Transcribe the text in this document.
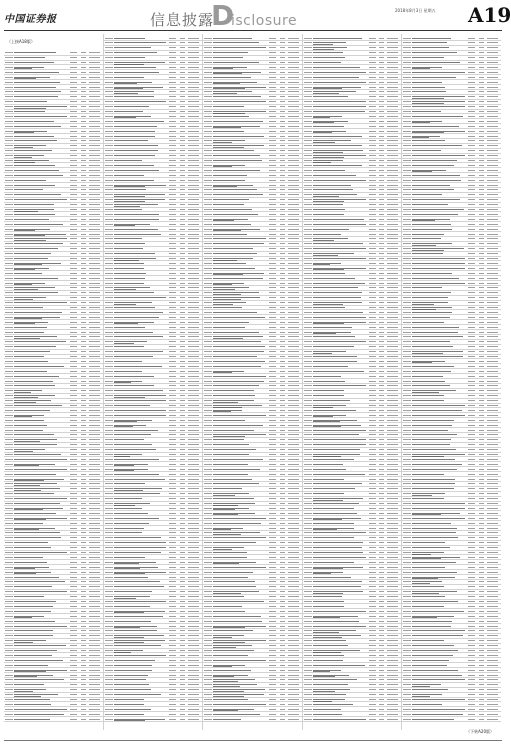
中国证券报	信息披露
D
isclosure
2018年8月3日 星期五 A19
（上接A18版）
（下转A20版）
